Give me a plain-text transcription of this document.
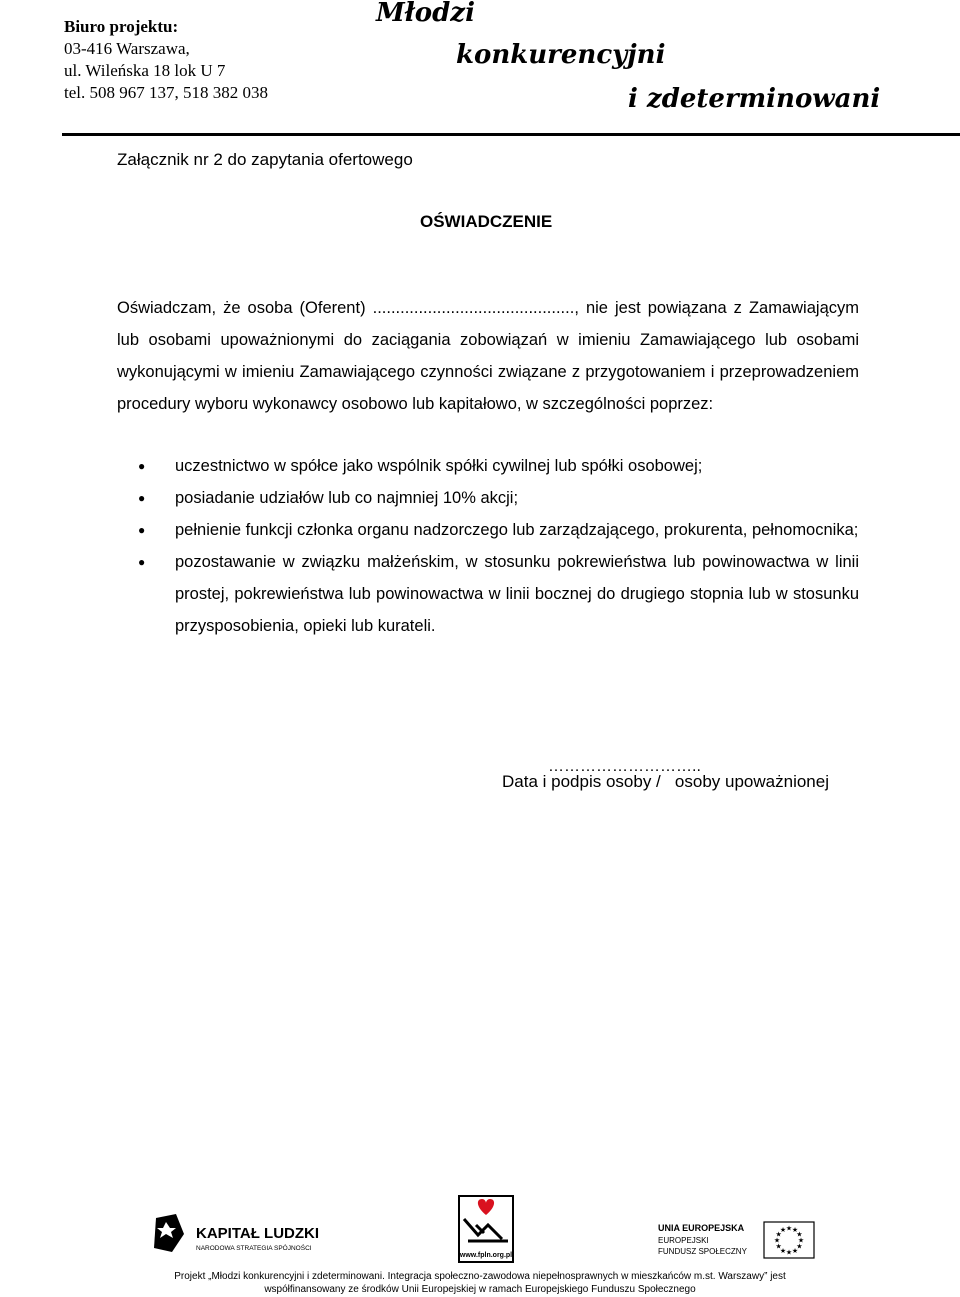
Biuro projektu:
03-416 Warszawa,
ul. Wileńska 18 lok U 7
tel. 508 967 137, 518 382 038
Młodzi
konkurencyjni
i zdeterminowani
Załącznik nr 2 do zapytania ofertowego
OŚWIADCZENIE

Oświadczam, że osoba (Oferent) ............................................, nie jest powiązana z Zamawiającym lub osobami upoważnionymi do zaciągania zobowiązań w imieniu Zamawiającego lub osobami wykonującymi w imieniu Zamawiającego czynności związane z przygotowaniem i przeprowadzeniem procedury wyboru wykonawcy osobowo lub kapitałowo, w szczególności poprzez:

● uczestnictwo w spółce jako wspólnik spółki cywilnej lub spółki osobowej;
● posiadanie udziałów lub co najmniej 10% akcji;
● pełnienie funkcji członka organu nadzorczego lub zarządzającego, prokurenta, pełnomocnika;
● pozostawanie w związku małżeńskim, w stosunku pokrewieństwa lub powinowactwa w linii prostej, pokrewieństwa lub powinowactwa w linii bocznej do drugiego stopnia lub w stosunku przysposobienia, opieki lub kurateli.
………………………..
Data i podpis osoby /   osoby upoważnionej
KAPITAŁ LUDZKI
NARODOWA STRATEGIA SPÓJNOŚCI
www.fpln.org.pl
UNIA EUROPEJSKA
EUROPEJSKI
FUNDUSZ SPOŁECZNY
★ ★
★
★
★
★
★
★
★
★
★
★
Projekt „Młodzi konkurencyjni i zdeterminowani. Integracja społeczno-zawodowa niepełnosprawnych w mieszkańców m.st. Warszawy” jest
współfinansowany ze środków Unii Europejskiej w ramach Europejskiego Funduszu Społecznego
